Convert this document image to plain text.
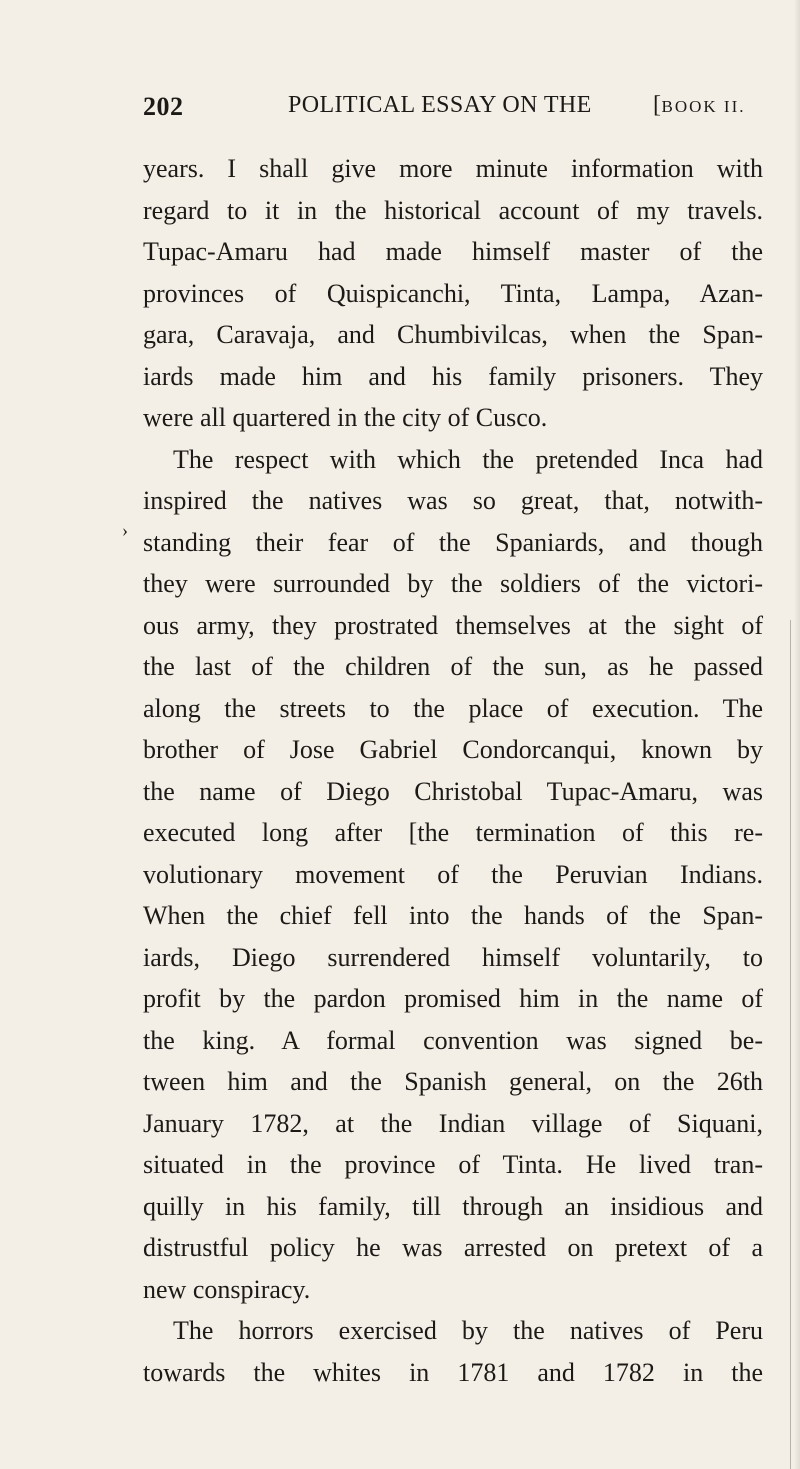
202	POLITICAL ESSAY ON THE	[BOOK II.
›
years. I shall give more minute information with
regard to it in the historical account of my travels.
Tupac-Amaru had made himself master of the
provinces of Quispicanchi, Tinta, Lampa, Azan-
gara, Caravaja, and Chumbivilcas, when the Span-
iards made him and his family prisoners. They
were all quartered in the city of Cusco.
The respect with which the pretended Inca had
inspired the natives was so great, that, notwith-
standing their fear of the Spaniards, and though
they were surrounded by the soldiers of the victori-
ous army, they prostrated themselves at the sight of
the last of the children of the sun, as he passed
along the streets to the place of execution. The
brother of Jose Gabriel Condorcanqui, known by
the name of Diego Christobal Tupac-Amaru, was
executed long after [the termination of this re-
volutionary movement of the Peruvian Indians.
When the chief fell into the hands of the Span-
iards, Diego surrendered himself voluntarily, to
profit by the pardon promised him in the name of
the king. A formal convention was signed be-
tween him and the Spanish general, on the 26th
January 1782, at the Indian village of Siquani,
situated in the province of Tinta. He lived tran-
quilly in his family, till through an insidious and
distrustful policy he was arrested on pretext of a
new conspiracy.
The horrors exercised by the natives of Peru
towards the whites in 1781 and 1782 in the
